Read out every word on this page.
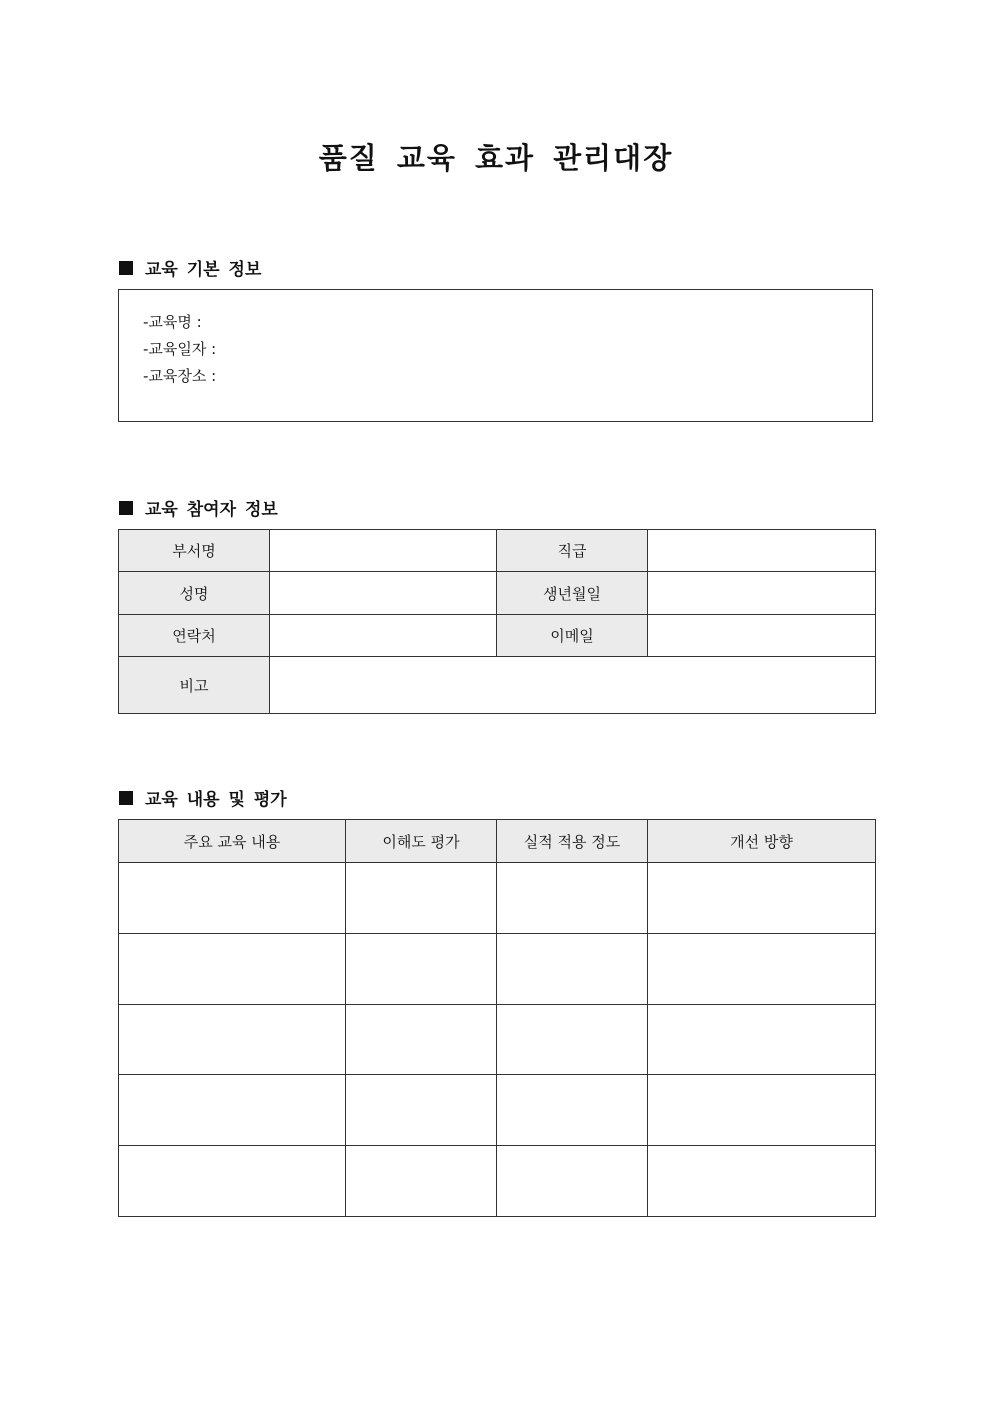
품질 교육 효과 관리대장
교육 기본 정보
-교육명 :
-교육일자 :
-교육장소 :
교육 참여자 정보
부서명		직급	
성명		생년월일	
연락처		이메일	
비고			
교육 내용 및 평가
주요 교육 내용	이해도 평가	실적 적용 정도	개선 방향
